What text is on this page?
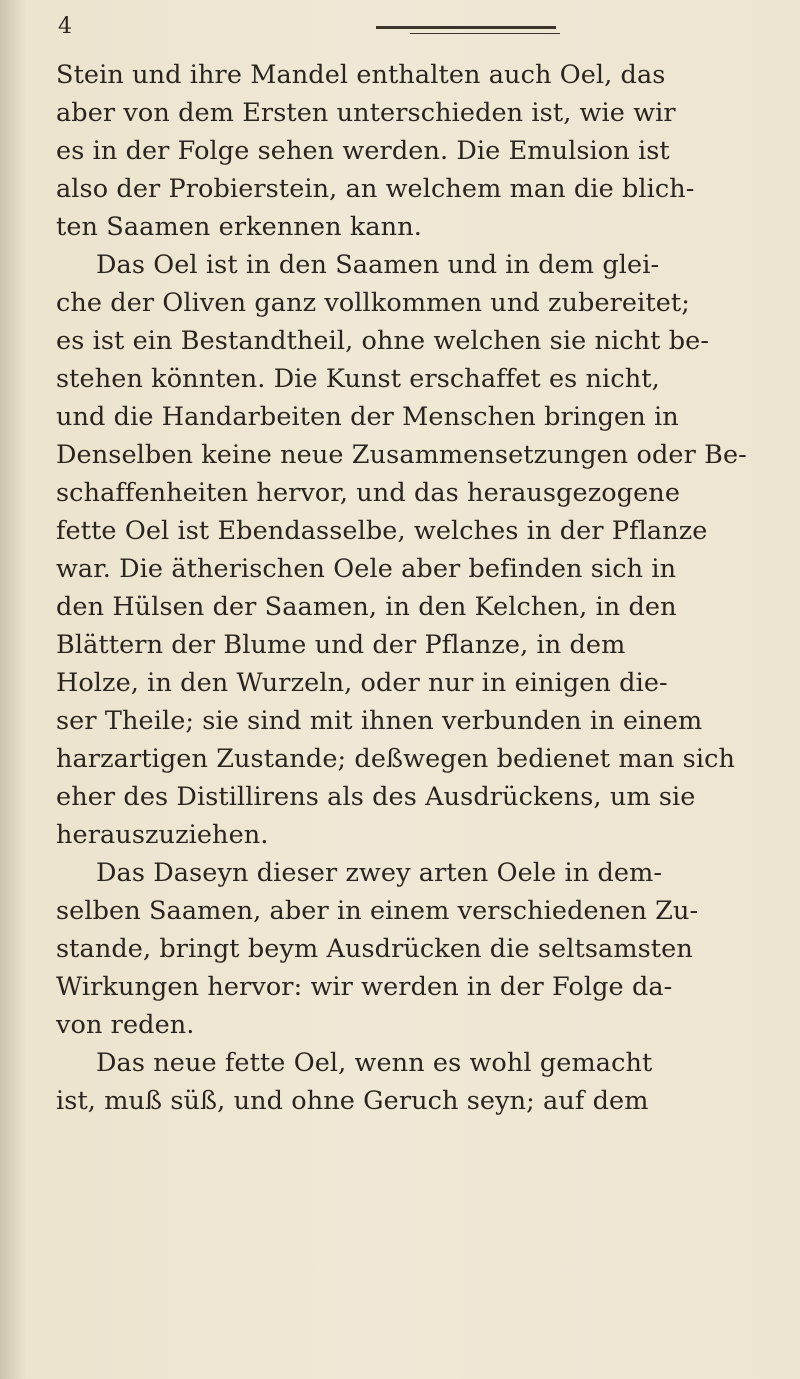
4
Stein und ihre Mandel enthalten auch Oel, das
aber von dem Ersten unterschieden ist, wie wir
es in der Folge sehen werden. Die Emulsion ist
also der Probierstein, an welchem man die blich-
ten Saamen erkennen kann.
Das Oel ist in den Saamen und in dem glei-
che der Oliven ganz vollkommen und zubereitet;
es ist ein Bestandtheil, ohne welchen sie nicht be-
stehen könnten. Die Kunst erschaffet es nicht,
und die Handarbeiten der Menschen bringen in
Denselben keine neue Zusammensetzungen oder Be-
schaffenheiten hervor, und das herausgezogene
fette Oel ist Ebendasselbe, welches in der Pflanze
war. Die ätherischen Oele aber befinden sich in
den Hülsen der Saamen, in den Kelchen, in den
Blättern der Blume und der Pflanze, in dem
Holze, in den Wurzeln, oder nur in einigen die-
ser Theile; sie sind mit ihnen verbunden in einem
harzartigen Zustande; deßwegen bedienet man sich
eher des Distillirens als des Ausdrückens, um sie
herauszuziehen.
Das Daseyn dieser zwey arten Oele in dem-
selben Saamen, aber in einem verschiedenen Zu-
stande, bringt beym Ausdrücken die seltsamsten
Wirkungen hervor: wir werden in der Folge da-
von reden.
Das neue fette Oel, wenn es wohl gemacht
ist, muß süß, und ohne Geruch seyn; auf dem
